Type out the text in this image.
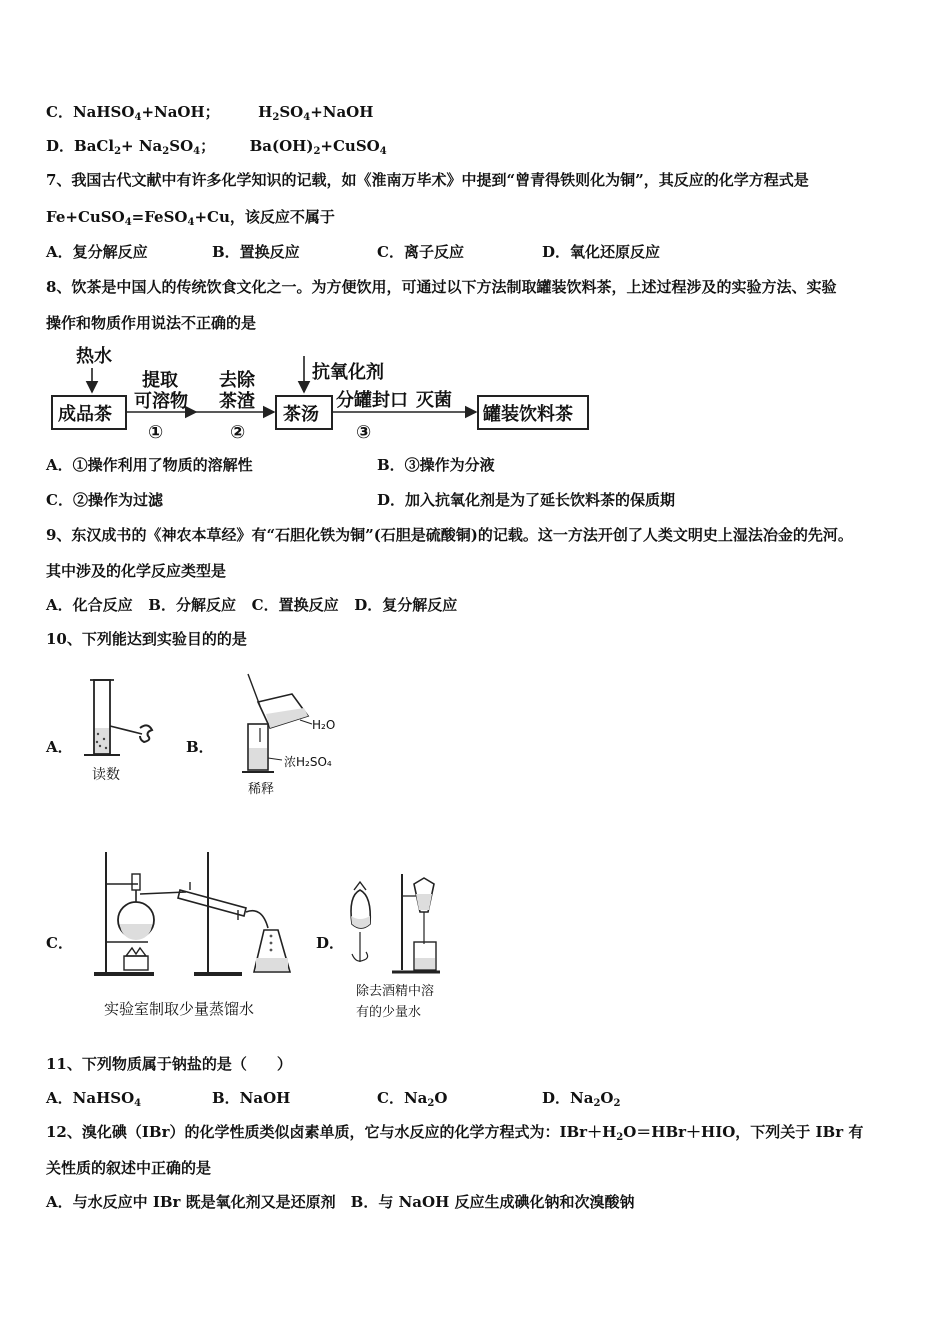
C．NaHSO$_4$+NaOH；	$H_2SO_4+NaOH$
D．BaCl$_2$+ $Na_2SO_4$； $Ba(OH)_2+CuSO_4$
7、我国古代文献中有许多化学知识的记载，如《淮南万毕术》中提到“曾青得铁则化为铜”，其反应的化学方程式是
Fe+CuSO$_4$=FeSO$_4$+Cu，该反应不属于
A．复分解反应	B．置换反应	C．离子反应	D．氧化还原反应
8、饮茶是中国人的传统饮食文化之一。为方便饮用，可通过以下方法制取罐装饮料茶，上述过程涉及的实验方法、实验
操作和物质作用说法不正确的是
热水
成品茶
提取
可溶物
①
去除
茶渣
②
抗氧化剂
茶汤
分罐封口
③
灭菌
罐装饮料茶
A．①操作利用了物质的溶解性	B．③操作为分液
C．②操作为过滤	D．加入抗氧化剂是为了延长饮料茶的保质期
9、东汉成书的《神农本草经》有“石胆化铁为铜”(石胆是硫酸铜)的记载。这一方法开创了人类文明史上湿法冶金的先河。
其中涉及的化学反应类型是
A．化合反应   B．分解反应   C．置换反应   D．复分解反应
10、下列能达到实验目的的是
A．
读数
B．
H₂O
浓H₂SO₄
稀释
C．
实验室制取少量蒸馏水
D．
除去酒精中溶
有的少量水
11、下列物质属于钠盐的是（　　）
A．NaHSO$_4$	B．NaOH	C．$Na_2O$	D．$Na_2O_2$
12、溴化碘（IBr）的化学性质类似卤素单质，它与水反应的化学方程式为：$IBr+H_2O=HBr+HIO$，下列关于 IBr 有
关性质的叙述中正确的是
A．与水反应中 IBr 既是氧化剂又是还原剂　B．与 NaOH 反应生成碘化钠和次溴酸钠
